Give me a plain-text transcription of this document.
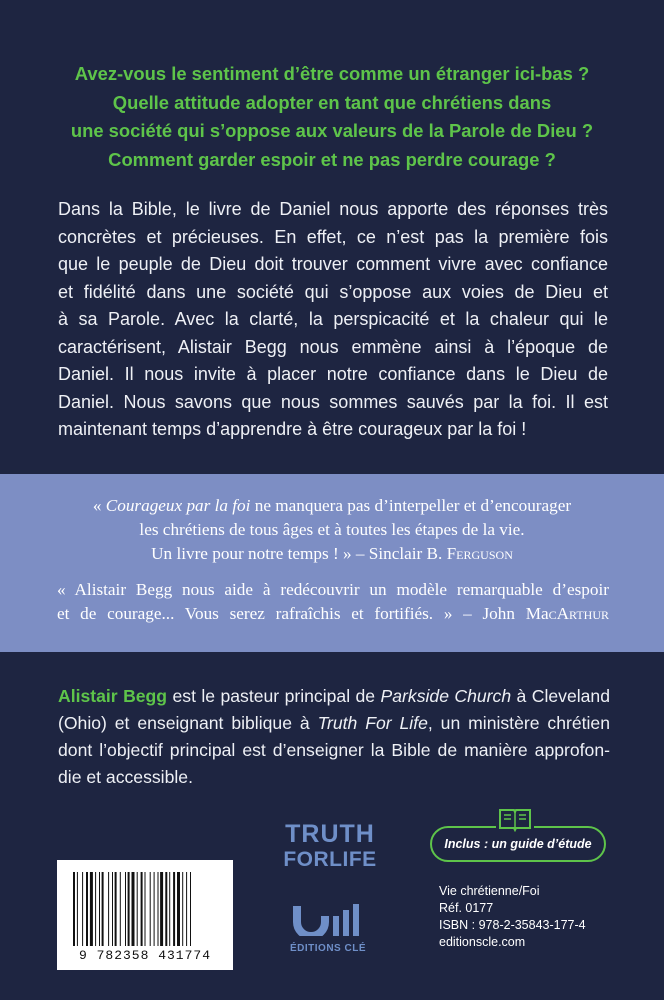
Avez-vous le sentiment d’être comme un étranger ici-bas ?
Quelle attitude adopter en tant que chrétiens dans
une société qui s’oppose aux valeurs de la Parole de Dieu ?
Comment garder espoir et ne pas perdre courage ?
Dans la Bible, le livre de Daniel nous apporte des réponses très
concrètes et précieuses. En effet, ce n’est pas la première fois
que le peuple de Dieu doit trouver comment vivre avec confiance
et fidélité dans une société qui s’oppose aux voies de Dieu et
à sa Parole. Avec la clarté, la perspicacité et la chaleur qui le
caractérisent, Alistair Begg nous emmène ainsi à l’époque de
Daniel. Il nous invite à placer notre confiance dans le Dieu de
Daniel. Nous savons que nous sommes sauvés par la foi. Il est
maintenant temps d’apprendre à être courageux par la foi !
« Courageux par la foi ne manquera pas d’interpeller et d’encourager
les chrétiens de tous âges et à toutes les étapes de la vie.
Un livre pour notre temps ! » – Sinclair B. Ferguson
« Alistair Begg nous aide à redécouvrir un modèle remarquable d’espoir
et de courage... Vous serez rafraîchis et fortifiés. » – John MacArthur
Alistair Begg est le pasteur principal de Parkside Church à Cleveland
(Ohio) et enseignant biblique à Truth For Life, un ministère chrétien
dont l’objectif principal est d’enseigner la Bible de manière approfon-
die et accessible.
TRUTH
FORLIFE
Inclus : un guide d’étude
9 782358 431774	ÉDITIONS CLÉ
Vie chrétienne/Foi
Réf. 0177
ISBN : 978-2-35843-177-4
editionscle.com
